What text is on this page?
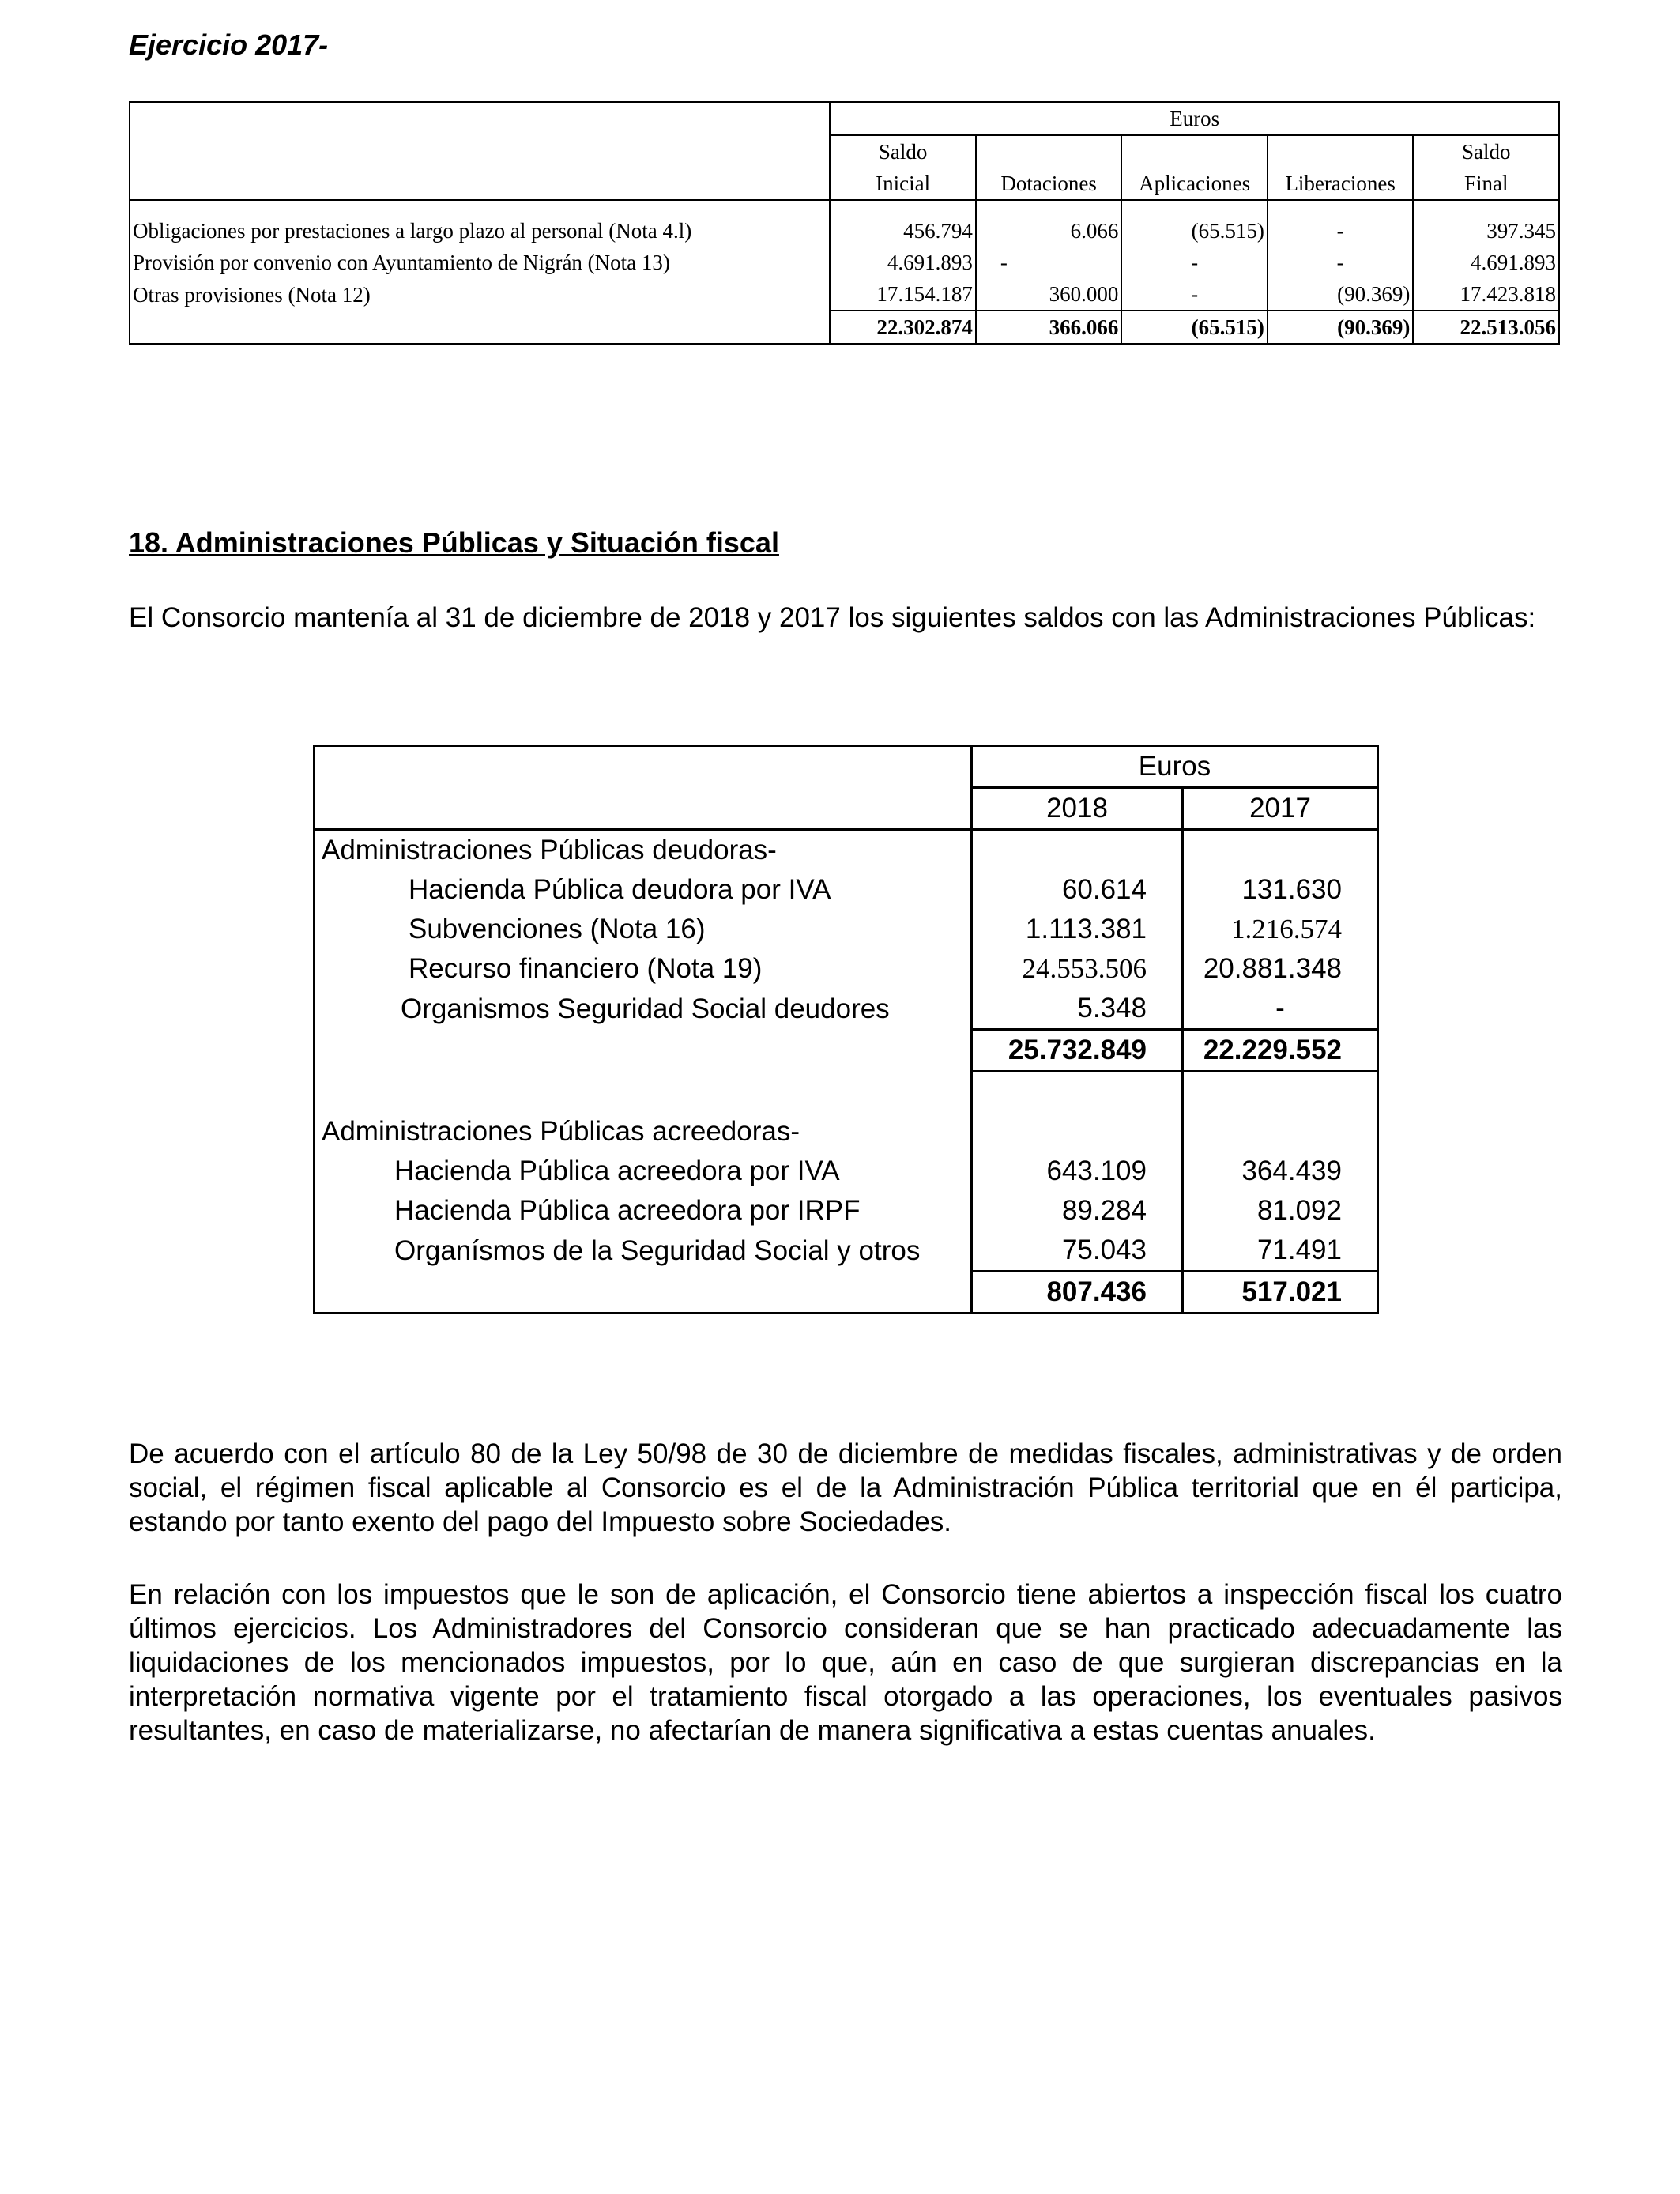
Ejercicio 2017-

	Euros				
	Saldo				Saldo
	Inicial	Dotaciones	Aplicaciones	Liberaciones	Final

Obligaciones por prestaciones a largo plazo al personal (Nota 4.l)	456.794	6.066	(65.515)	-	397.345
Provisión por convenio con Ayuntamiento de Nigrán (Nota 13)	4.691.893	-	-	-	4.691.893
Otras provisiones (Nota 12)	17.154.187	360.000	-	(90.369)	17.423.818
	22.302.874	366.066	(65.515)	(90.369)	22.513.056
18. Administraciones Públicas y Situación fiscal

El Consorcio mantenía al 31 de diciembre de 2018 y 2017 los siguientes saldos con las Administraciones Públicas:

	Euros	
	2018	2017
Administraciones Públicas deudoras-		
Hacienda Pública deudora por IVA	60.614	131.630
Subvenciones (Nota 16)	1.113.381	1.216.574
Recurso financiero (Nota 19)	24.553.506	20.881.348
Organismos Seguridad Social deudores	5.348	-
	25.732.849	22.229.552

Administraciones Públicas acreedoras-		
Hacienda Pública acreedora por IVA	643.109	364.439
Hacienda Pública acreedora por IRPF	89.284	81.092
Organísmos de la Seguridad Social y otros	75.043	71.491
	807.436	517.021

De acuerdo con el artículo 80 de la Ley 50/98 de 30 de diciembre de medidas fiscales, administrativas y de orden social, el régimen fiscal aplicable al Consorcio es el de la Administración Pública territorial que en él participa, estando por tanto exento del pago del Impuesto sobre Sociedades.

En relación con los impuestos que le son de aplicación, el Consorcio tiene abiertos a inspección fiscal los cuatro últimos ejercicios. Los Administradores del Consorcio consideran que se han practicado adecuadamente las liquidaciones de los mencionados impuestos, por lo que, aún en caso de que surgieran discrepancias en la interpretación normativa vigente por el tratamiento fiscal otorgado a las operaciones, los eventuales pasivos resultantes, en caso de materializarse, no afectarían de manera significativa a estas cuentas anuales.
